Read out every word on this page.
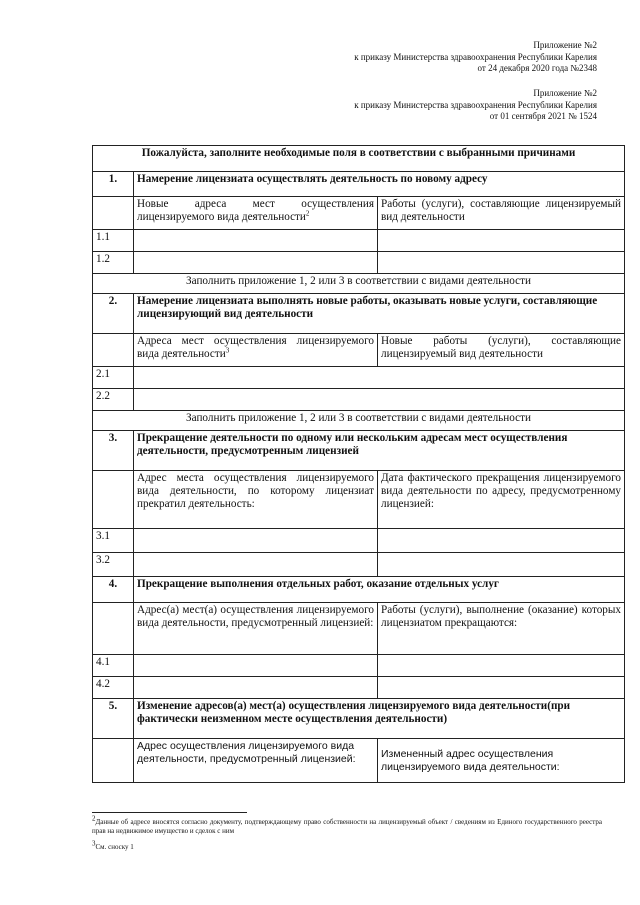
Приложение №2
к приказу Министерства здравоохранения Республики Карелия
от 24 декабря 2020 года №2348
Приложение №2
к приказу Министерства здравоохранения Республики Карелия
от 01 сентября 2021 № 1524
Пожалуйста, заполните необходимые поля в соответствии с выбранными причинами		
1.	Намерение лицензиата осуществлять деятельность по новому адресу	
	Новые адреса мест осуществления лицензируемого вида деятельности$^2$	Работы (услуги), составляющие лицензируемый вид деятельности
1.1		
1.2		
Заполнить приложение 1, 2 или 3 в соответствии с видами деятельности		
2.	Намерение лицензиата выполнять новые работы, оказывать новые услуги, составляющие лицензирующий вид деятельности	
	Адреса мест осуществления лицензируемого вида деятельности$^3$	Новые работы (услуги), составляющие лицензируемый вид деятельности
2.1		
2.2		
Заполнить приложение 1, 2 или 3 в соответствии с видами деятельности		
3.	Прекращение деятельности по одному или нескольким адресам мест осуществления деятельности, предусмотренным лицензией	
	Адрес места осуществления лицензируемого вида деятельности, по которому лицензиат прекратил деятельность:	Дата фактического прекращения лицензируемого вида деятельности по адресу, предусмотренному лицензией:
3.1		
3.2		
4.	Прекращение выполнения отдельных работ, оказание отдельных услуг	
	Адрес(а) мест(а) осуществления лицензируемого вида деятельности, предусмотренный лицензией:	Работы (услуги), выполнение (оказание) которых лицензиатом прекращаются:
4.1		
4.2		
5.	Изменение адресов(а) мест(а) осуществления лицензируемого вида деятельности(при фактически неизменном месте осуществления деятельности)	
	Адрес осуществления лицензируемого вида деятельности, предусмотренный лицензией:	Измененный адрес осуществления лицензируемого вида деятельности:
$^2$Данные об адресе вносятся согласно документу, подтверждающему право собственности на лицензируемый объект / сведениям из Единого государственного реестра прав на недвижимое имущество и сделок с ним
$^3$См. сноску 1
